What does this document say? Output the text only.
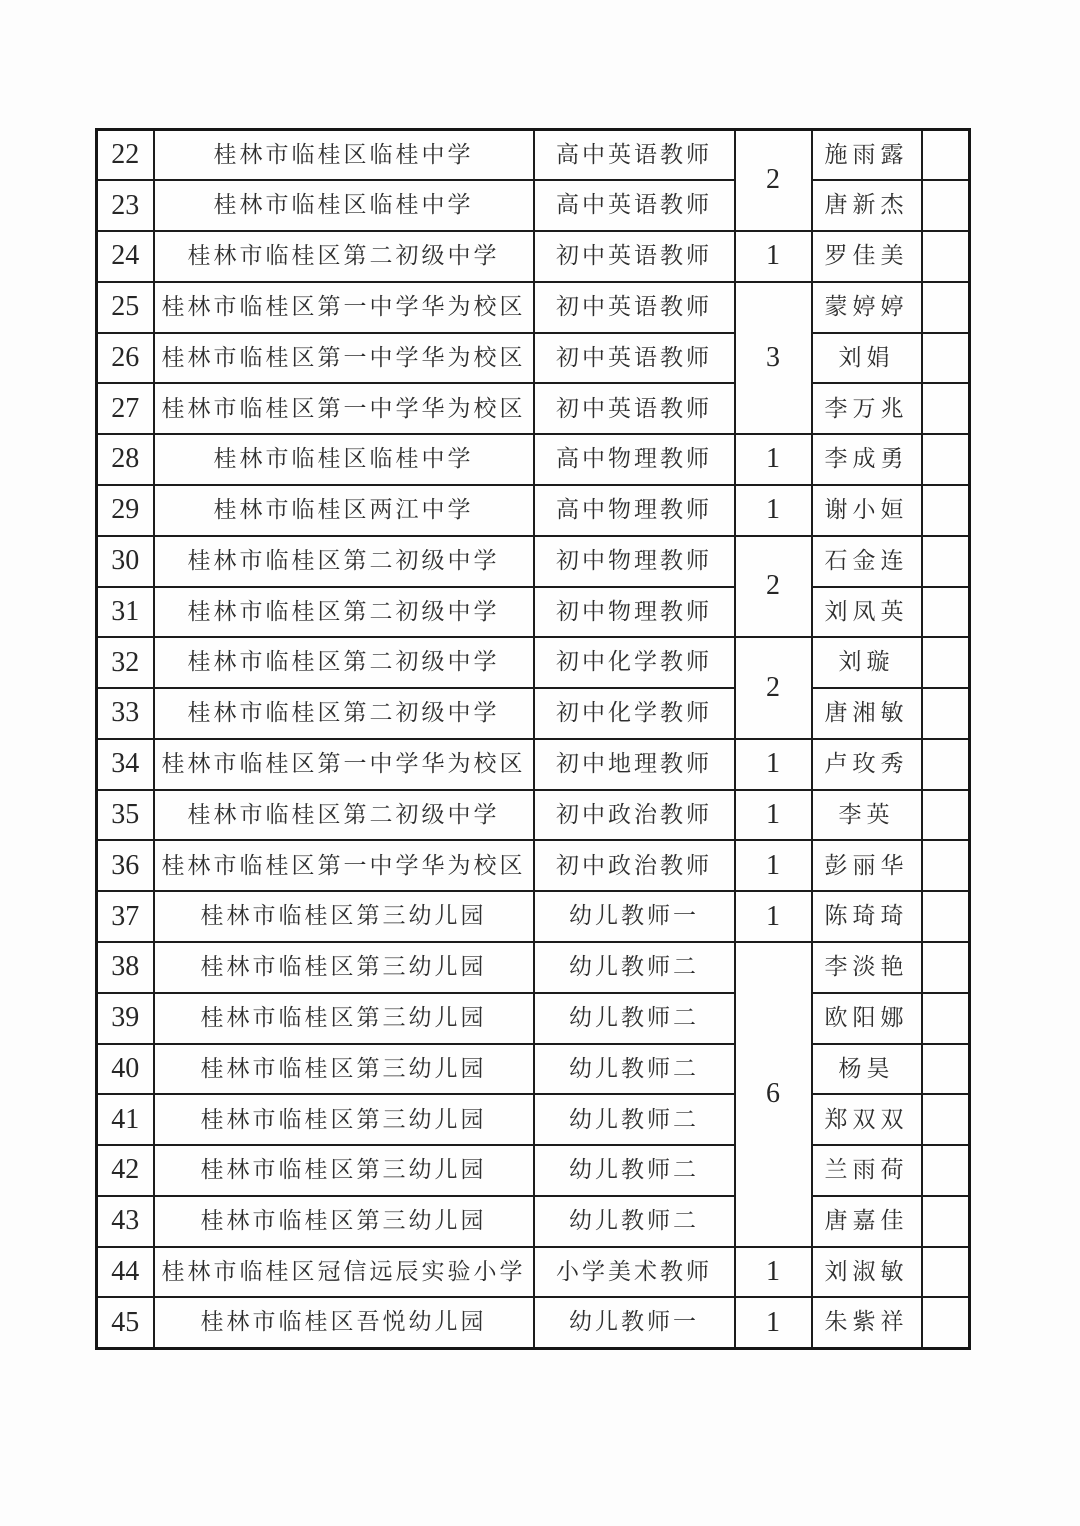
22	桂林市临桂区临桂中学	高中英语教师	2	施雨露	
23	桂林市临桂区临桂中学	高中英语教师		唐新杰	
24	桂林市临桂区第二初级中学	初中英语教师	1	罗佳美	
25	桂林市临桂区第一中学华为校区	初中英语教师	3	蒙婷婷	
26	桂林市临桂区第一中学华为校区	初中英语教师		刘娟	
27	桂林市临桂区第一中学华为校区	初中英语教师		李万兆	
28	桂林市临桂区临桂中学	高中物理教师	1	李成勇	
29	桂林市临桂区两江中学	高中物理教师	1	谢小姮	
30	桂林市临桂区第二初级中学	初中物理教师	2	石金连	
31	桂林市临桂区第二初级中学	初中物理教师		刘凤英	
32	桂林市临桂区第二初级中学	初中化学教师	2	刘璇	
33	桂林市临桂区第二初级中学	初中化学教师		唐湘敏	
34	桂林市临桂区第一中学华为校区	初中地理教师	1	卢玫秀	
35	桂林市临桂区第二初级中学	初中政治教师	1	李英	
36	桂林市临桂区第一中学华为校区	初中政治教师	1	彭丽华	
37	桂林市临桂区第三幼儿园	幼儿教师一	1	陈琦琦	
38	桂林市临桂区第三幼儿园	幼儿教师二	6	李淡艳	
39	桂林市临桂区第三幼儿园	幼儿教师二		欧阳娜	
40	桂林市临桂区第三幼儿园	幼儿教师二		杨昊	
41	桂林市临桂区第三幼儿园	幼儿教师二		郑双双	
42	桂林市临桂区第三幼儿园	幼儿教师二		兰雨荷	
43	桂林市临桂区第三幼儿园	幼儿教师二		唐嘉佳	
44	桂林市临桂区冠信远辰实验小学	小学美术教师	1	刘淑敏	
45	桂林市临桂区吾悦幼儿园	幼儿教师一	1	朱紫祥	
